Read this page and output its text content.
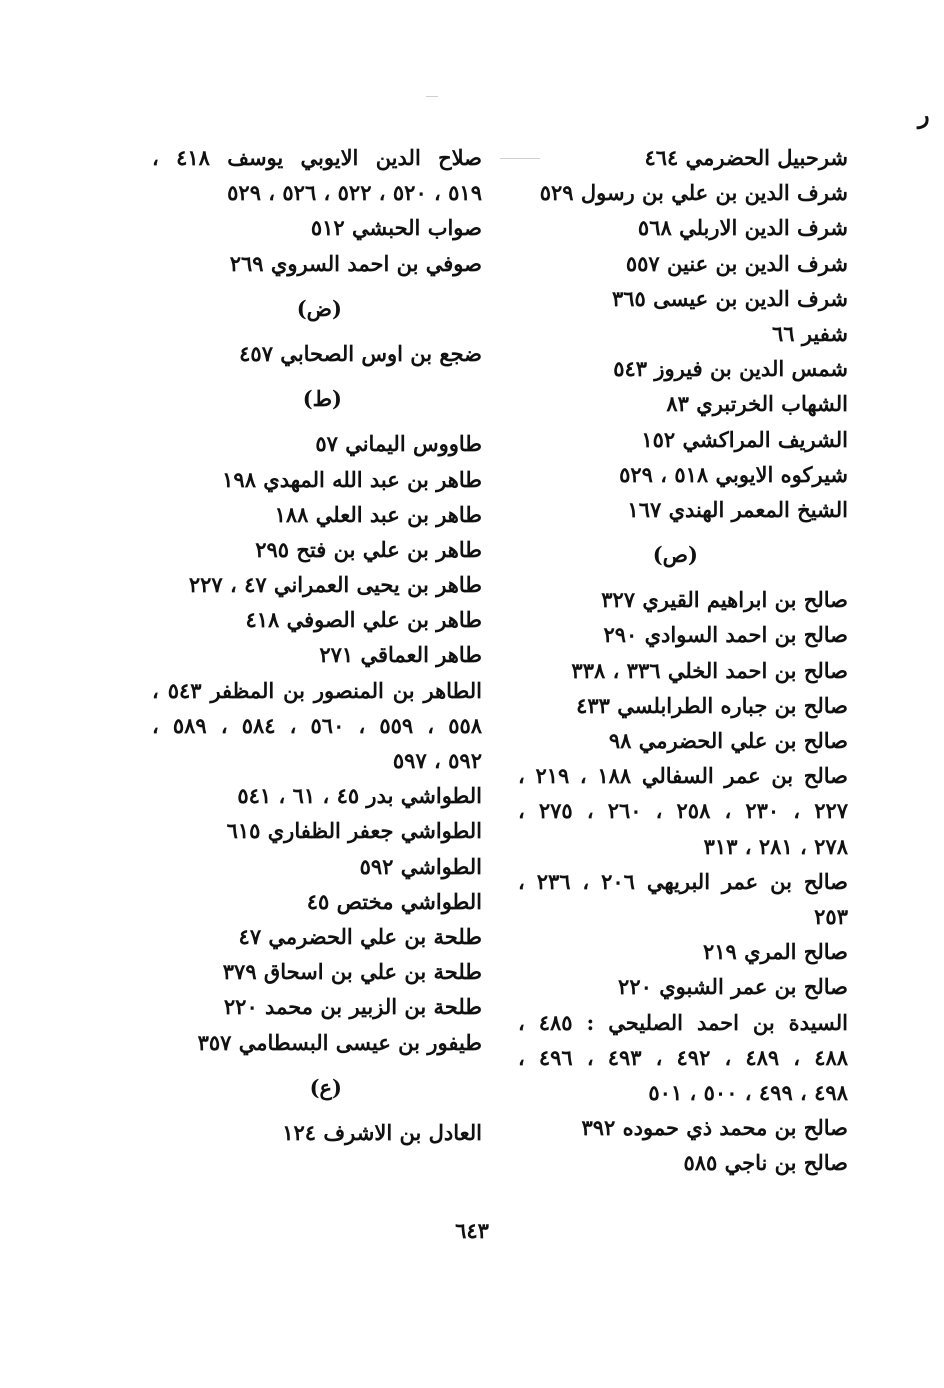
ر
شرحبيل الحضرمي ٤٦٤
شرف الدين بن علي بن رسول ٥٢٩
شرف الدين الاربلي ٥٦٨
شرف الدين بن عنين ٥٥٧
شرف الدين بن عيسى ٣٦٥
شفير ٦٦
شمس الدين بن فيروز ٥٤٣
الشهاب الخرتبري ٨٣
الشريف المراكشي ١٥٢
شيركوه الايوبي ٥١٨ ، ٥٢٩
الشيخ المعمر الهندي ١٦٧
(ص)
صالح بن ابراهيم القيري ٣٢٧
صالح بن احمد السوادي ٢٩٠
صالح بن احمد الخلي ٣٣٦ ، ٣٣٨
صالح بن جباره الطرابلسي ٤٣٣
صالح بن علي الحضرمي ٩٨
صالح بن عمر السفالي ١٨٨ ، ٢١٩ ،
٢٢٧ ، ٢٣٠ ، ٢٥٨ ، ٢٦٠ ، ٢٧٥ ،
٢٧٨ ، ٢٨١ ، ٣١٣
صالح بن عمر البريهي ٢٠٦ ، ٢٣٦ ،
٢٥٣
صالح المري ٢١٩
صالح بن عمر الشبوي ٢٢٠
السيدة بن احمد الصليحي : ٤٨٥ ،
٤٨٨ ، ٤٨٩ ، ٤٩٢ ، ٤٩٣ ، ٤٩٦ ،
٤٩٨ ، ٤٩٩ ، ٥٠٠ ، ٥٠١
صالح بن محمد ذي حموده ٣٩٢
صالح بن ناجي ٥٨٥
صلاح الدين الايوبي يوسف ٤١٨ ،
٥١٩ ، ٥٢٠ ، ٥٢٢ ، ٥٢٦ ، ٥٢٩
صواب الحبشي ٥١٢
صوفي بن احمد السروي ٢٦٩
(ض)
ضجع بن اوس الصحابي ٤٥٧
(ط)
طاووس اليماني ٥٧
طاهر بن عبد الله المهدي ١٩٨
طاهر بن عبد العلي ١٨٨
طاهر بن علي بن فتح ٢٩٥
طاهر بن يحيى العمراني ٤٧ ، ٢٢٧
طاهر بن علي الصوفي ٤١٨
طاهر العماقي ٢٧١
الطاهر بن المنصور بن المظفر ٥٤٣ ،
٥٥٨ ، ٥٥٩ ، ٥٦٠ ، ٥٨٤ ، ٥٨٩ ،
٥٩٢ ، ٥٩٧
الطواشي بدر ٤٥ ، ٦١ ، ٥٤١
الطواشي جعفر الظفاري ٦١٥
الطواشي ٥٩٢
الطواشي مختص ٤٥
طلحة بن علي الحضرمي ٤٧
طلحة بن علي بن اسحاق ٣٧٩
طلحة بن الزبير بن محمد ٢٢٠
طيفور بن عيسى البسطامي ٣٥٧
(ع)
العادل بن الاشرف ١٢٤
٦٤٣
